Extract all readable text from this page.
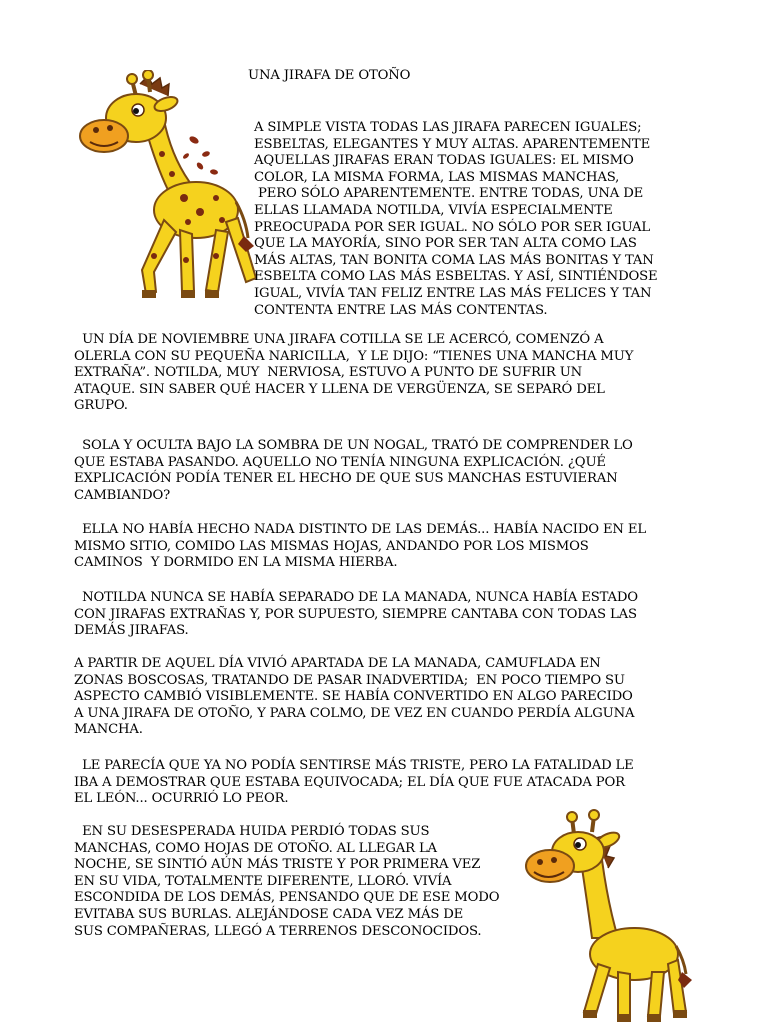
UNA JIRAFA DE OTOÑO
A SIMPLE VISTA TODAS LAS JIRAFA PARECEN IGUALES;
ESBELTAS, ELEGANTES Y MUY ALTAS. APARENTEMENTE
AQUELLAS JIRAFAS ERAN TODAS IGUALES: EL MISMO
COLOR, LA MISMA FORMA, LAS MISMAS MANCHAS,
PERO SÓLO APARENTEMENTE. ENTRE TODAS, UNA DE
ELLAS LLAMADA NOTILDA, VIVÍA ESPECIALMENTE
PREOCUPADA POR SER IGUAL. NO SÓLO POR SER IGUAL
QUE LA MAYORÍA, SINO POR SER TAN ALTA COMO LAS
MÁS ALTAS, TAN BONITA COMA LAS MÁS BONITAS Y TAN
ESBELTA COMO LAS MÁS ESBELTAS. Y ASÍ, SINTIÉNDOSE
IGUAL, VIVÍA TAN FELIZ ENTRE LAS MÁS FELICES Y TAN
CONTENTA ENTRE LAS MÁS CONTENTAS.
UN DÍA DE NOVIEMBRE UNA JIRAFA COTILLA SE LE ACERCÓ, COMENZÓ A
OLERLA CON SU PEQUEÑA NARICILLA,  Y LE DIJO: “TIENES UNA MANCHA MUY
EXTRAÑA”. NOTILDA, MUY  NERVIOSA, ESTUVO A PUNTO DE SUFRIR UN
ATAQUE. SIN SABER QUÉ HACER Y LLENA DE VERGÜENZA, SE SEPARÓ DEL
GRUPO.
SOLA Y OCULTA BAJO LA SOMBRA DE UN NOGAL, TRATÓ DE COMPRENDER LO
QUE ESTABA PASANDO. AQUELLO NO TENÍA NINGUNA EXPLICACIÓN. ¿QUÉ
EXPLICACIÓN PODÍA TENER EL HECHO DE QUE SUS MANCHAS ESTUVIERAN
CAMBIANDO?
ELLA NO HABÍA HECHO NADA DISTINTO DE LAS DEMÁS... HABÍA NACIDO EN EL
MISMO SITIO, COMIDO LAS MISMAS HOJAS, ANDANDO POR LOS MISMOS
CAMINOS  Y DORMIDO EN LA MISMA HIERBA.
NOTILDA NUNCA SE HABÍA SEPARADO DE LA MANADA, NUNCA HABÍA ESTADO
CON JIRAFAS EXTRAÑAS Y, POR SUPUESTO, SIEMPRE CANTABA CON TODAS LAS
DEMÁS JIRAFAS.
A PARTIR DE AQUEL DÍA VIVIÓ APARTADA DE LA MANADA, CAMUFLADA EN
ZONAS BOSCOSAS, TRATANDO DE PASAR INADVERTIDA;  EN POCO TIEMPO SU
ASPECTO CAMBIÓ VISIBLEMENTE. SE HABÍA CONVERTIDO EN ALGO PARECIDO
A UNA JIRAFA DE OTOÑO, Y PARA COLMO, DE VEZ EN CUANDO PERDÍA ALGUNA
MANCHA.
LE PARECÍA QUE YA NO PODÍA SENTIRSE MÁS TRISTE, PERO LA FATALIDAD LE
IBA A DEMOSTRAR QUE ESTABA EQUIVOCADA; EL DÍA QUE FUE ATACADA POR
EL LEÓN... OCURRIÓ LO PEOR.
EN SU DESESPERADA HUIDA PERDIÓ TODAS SUS
MANCHAS, COMO HOJAS DE OTOÑO. AL LLEGAR LA
NOCHE, SE SINTIÓ AÚN MÁS TRISTE Y POR PRIMERA VEZ
EN SU VIDA, TOTALMENTE DIFERENTE, LLORÓ. VIVÍA
ESCONDIDA DE LOS DEMÁS, PENSANDO QUE DE ESE MODO
EVITABA SUS BURLAS. ALEJÁNDOSE CADA VEZ MÁS DE
SUS COMPAÑERAS, LLEGÓ A TERRENOS DESCONOCIDOS.
